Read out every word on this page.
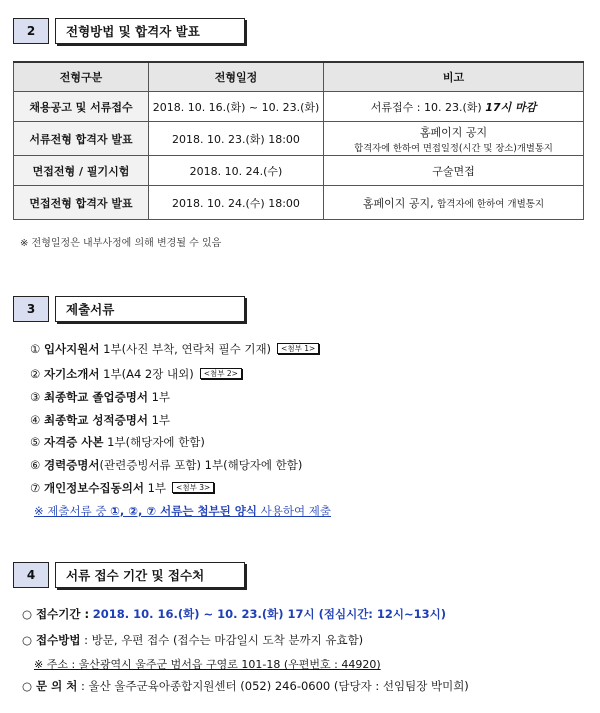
2	전형방법 및 합격자 발표
전형구분	전형일정	비고
채용공고 및 서류접수	2018. 10. 16.(화) ~ 10. 23.(화)	서류접수 : 10. 23.(화) 17시 마감
서류전형 합격자 발표	2018. 10. 23.(화) 18:00	홈페이지 공지
합격자에 한하여 면접일정(시간 및 장소)개별통지

면접전형 / 필기시험	2018. 10. 24.(수)	구술면접
면접전형 합격자 발표	2018. 10. 24.(수) 18:00	홈페이지 공지, 합격자에 한하여 개별통지
※ 전형일정은 내부사정에 의해 변경될 수 있음
3	제출서류
① 입사지원서 1부(사진 부착, 연락처 필수 기재) <첨부 1>
② 자기소개서 1부(A4 2장 내외) <첨부 2>
③ 최종학교 졸업증명서 1부
④ 최종학교 성적증명서 1부
⑤ 자격증 사본 1부(해당자에 한함)
⑥ 경력증명서(관련증빙서류 포함) 1부(해당자에 한함)
⑦ 개인정보수집동의서 1부 <첨부 3>
※ 제출서류 중 ①, ②, ⑦ 서류는 첨부된 양식 사용하여 제출
4	서류 접수 기간 및 접수처
○ 접수기간 : 2018. 10. 16.(화) ~ 10. 23.(화) 17시 (점심시간: 12시~13시)
○ 접수방법 : 방문, 우편 접수 (접수는 마감일시 도착 분까지 유효함)
※ 주소 : 울산광역시 울주군 범서읍 구영로 101-18 (우편번호 : 44920)
○ 문 의 처 : 울산 울주군육아종합지원센터 (052) 246-0600 (담당자 : 선임팀장 박미희)
